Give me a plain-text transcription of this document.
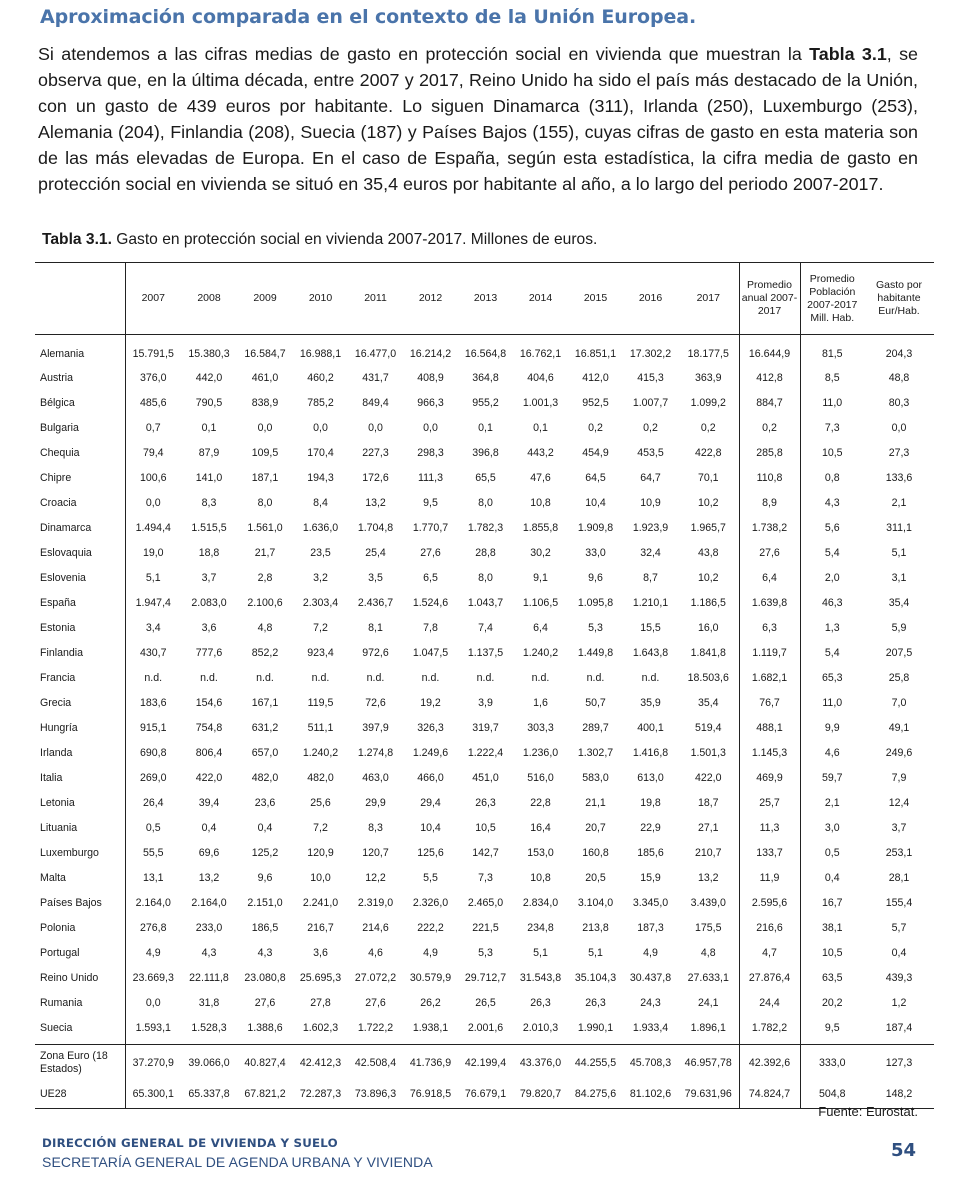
Aproximación comparada en el contexto de la Unión Europea.

Si atendemos a las cifras medias de gasto en protección social en vivienda que muestran la Tabla 3.1, se observa que, en la última década, entre 2007 y 2017, Reino Unido ha sido el país más destacado de la Unión, con un gasto de 439 euros por habitante. Lo siguen Dinamarca (311), Irlanda (250), Luxemburgo (253), Alemania (204), Finlandia (208), Suecia (187) y Países Bajos (155), cuyas cifras de gasto en esta materia son de las más elevadas de Europa. En el caso de España, según esta estadística, la cifra media de gasto en protección social en vivienda se situó en 35,4 euros por habitante al año, a lo largo del periodo 2007-2017.

Tabla 3.1. Gasto en protección social en vivienda 2007-2017. Millones de euros.
	2007	2008	2009	2010	2011	2012	2013	2014	2015	2016	2017	Promedio anual 2007-2017	Promedio Población 2007-2017 Mill. Hab.	Gasto por habitante Eur/Hab.
Alemania	15.791,5	15.380,3	16.584,7	16.988,1	16.477,0	16.214,2	16.564,8	16.762,1	16.851,1	17.302,2	18.177,5	16.644,9	81,5	204,3
Austria	376,0	442,0	461,0	460,2	431,7	408,9	364,8	404,6	412,0	415,3	363,9	412,8	8,5	48,8
Bélgica	485,6	790,5	838,9	785,2	849,4	966,3	955,2	1.001,3	952,5	1.007,7	1.099,2	884,7	11,0	80,3
Bulgaria	0,7	0,1	0,0	0,0	0,0	0,0	0,1	0,1	0,2	0,2	0,2	0,2	7,3	0,0
Chequia	79,4	87,9	109,5	170,4	227,3	298,3	396,8	443,2	454,9	453,5	422,8	285,8	10,5	27,3
Chipre	100,6	141,0	187,1	194,3	172,6	111,3	65,5	47,6	64,5	64,7	70,1	110,8	0,8	133,6
Croacia	0,0	8,3	8,0	8,4	13,2	9,5	8,0	10,8	10,4	10,9	10,2	8,9	4,3	2,1
Dinamarca	1.494,4	1.515,5	1.561,0	1.636,0	1.704,8	1.770,7	1.782,3	1.855,8	1.909,8	1.923,9	1.965,7	1.738,2	5,6	311,1
Eslovaquia	19,0	18,8	21,7	23,5	25,4	27,6	28,8	30,2	33,0	32,4	43,8	27,6	5,4	5,1
Eslovenia	5,1	3,7	2,8	3,2	3,5	6,5	8,0	9,1	9,6	8,7	10,2	6,4	2,0	3,1
España	1.947,4	2.083,0	2.100,6	2.303,4	2.436,7	1.524,6	1.043,7	1.106,5	1.095,8	1.210,1	1.186,5	1.639,8	46,3	35,4
Estonia	3,4	3,6	4,8	7,2	8,1	7,8	7,4	6,4	5,3	15,5	16,0	6,3	1,3	5,9
Finlandia	430,7	777,6	852,2	923,4	972,6	1.047,5	1.137,5	1.240,2	1.449,8	1.643,8	1.841,8	1.119,7	5,4	207,5
Francia	n.d.	n.d.	n.d.	n.d.	n.d.	n.d.	n.d.	n.d.	n.d.	n.d.	18.503,6	1.682,1	65,3	25,8
Grecia	183,6	154,6	167,1	119,5	72,6	19,2	3,9	1,6	50,7	35,9	35,4	76,7	11,0	7,0
Hungría	915,1	754,8	631,2	511,1	397,9	326,3	319,7	303,3	289,7	400,1	519,4	488,1	9,9	49,1
Irlanda	690,8	806,4	657,0	1.240,2	1.274,8	1.249,6	1.222,4	1.236,0	1.302,7	1.416,8	1.501,3	1.145,3	4,6	249,6
Italia	269,0	422,0	482,0	482,0	463,0	466,0	451,0	516,0	583,0	613,0	422,0	469,9	59,7	7,9
Letonia	26,4	39,4	23,6	25,6	29,9	29,4	26,3	22,8	21,1	19,8	18,7	25,7	2,1	12,4
Lituania	0,5	0,4	0,4	7,2	8,3	10,4	10,5	16,4	20,7	22,9	27,1	11,3	3,0	3,7
Luxemburgo	55,5	69,6	125,2	120,9	120,7	125,6	142,7	153,0	160,8	185,6	210,7	133,7	0,5	253,1
Malta	13,1	13,2	9,6	10,0	12,2	5,5	7,3	10,8	20,5	15,9	13,2	11,9	0,4	28,1
Países Bajos	2.164,0	2.164,0	2.151,0	2.241,0	2.319,0	2.326,0	2.465,0	2.834,0	3.104,0	3.345,0	3.439,0	2.595,6	16,7	155,4
Polonia	276,8	233,0	186,5	216,7	214,6	222,2	221,5	234,8	213,8	187,3	175,5	216,6	38,1	5,7
Portugal	4,9	4,3	4,3	3,6	4,6	4,9	5,3	5,1	5,1	4,9	4,8	4,7	10,5	0,4
Reino Unido	23.669,3	22.111,8	23.080,8	25.695,3	27.072,2	30.579,9	29.712,7	31.543,8	35.104,3	30.437,8	27.633,1	27.876,4	63,5	439,3
Rumania	0,0	31,8	27,6	27,8	27,6	26,2	26,5	26,3	26,3	24,3	24,1	24,4	20,2	1,2
Suecia	1.593,1	1.528,3	1.388,6	1.602,3	1.722,2	1.938,1	2.001,6	2.010,3	1.990,1	1.933,4	1.896,1	1.782,2	9,5	187,4
Zona Euro (18 Estados)	37.270,9	39.066,0	40.827,4	42.412,3	42.508,4	41.736,9	42.199,4	43.376,0	44.255,5	45.708,3	46.957,78	42.392,6	333,0	127,3
UE28	65.300,1	65.337,8	67.821,2	72.287,3	73.896,3	76.918,5	76.679,1	79.820,7	84.275,6	81.102,6	79.631,96	74.824,7	504,8	148,2
Fuente: Eurostat.
DIRECCIÓN GENERAL DE VIVIENDA Y SUELO
SECRETARÍA GENERAL DE AGENDA URBANA Y VIVIENDA
54
